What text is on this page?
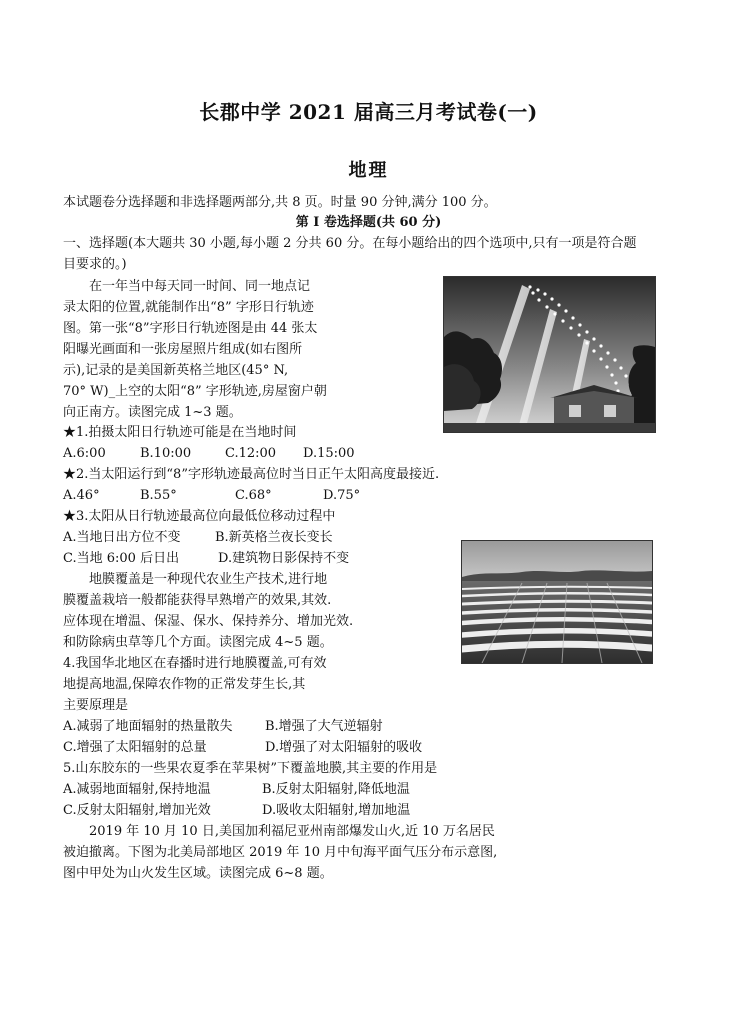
长郡中学 2021 届高三月考试卷(一)
地理
本试题卷分选择题和非选择题两部分,共 8 页。时量 90 分钟,满分 100 分。
第 I 卷选择题(共 60 分)
一、选择题(本大题共 30 小题,每小题 2 分共 60 分。在每小题给出的四个选项中,只有一项是符合题
目要求的。)
在一年当中每天同一时间、同一地点记
录太阳的位置,就能制作出“8” 字形日行轨迹
图。第一张“8”字形日行轨迹图是由 44 张太
阳曝光画面和一张房屋照片组成(如右图所
示),记录的是美国新英格兰地区(45° N,
70° W)_上空的太阳“8” 字形轨迹,房屋窗户朝
向正南方。读图完成 1~3 题。
★1.拍摄太阳日行轨迹可能是在当地时间
A.6:00	B.10:00	C.12:00 D.15:00
★2.当太阳运行到“8”字形轨迹最高位时当日正午太阳高度最接近.
A.46°	B.55°	C.68°	D.75°
★3.太阳从日行轨迹最高位向最低位移动过程中
A.当地日出方位不变	B.新英格兰夜长变长
C.当地 6:00 后日出	D.建筑物日影保持不变
地膜覆盖是一种现代农业生产技术,进行地
膜覆盖栽培一般都能获得早熟增产的效果,其效.
应体现在增温、保湿、保水、保持养分、增加光效.
和防除病虫草等几个方面。读图完成 4~5 题。
4.我国华北地区在春播时进行地膜覆盖,可有效
地提高地温,保障农作物的正常发芽生长,其
主要原理是
A.减弱了地面辐射的热量散失 B.增强了大气逆辐射
C.增强了太阳辐射的总量	D.增强了对太阳辐射的吸收
5.山东胶东的一些果农夏季在苹果树”下覆盖地膜,其主要的作用是
A.减弱地面辐射,保持地温	B.反射太阳辐射,降低地温
C.反射太阳辐射,增加光效	D.吸收太阳辐射,增加地温
2019 年 10 月 10 日,美国加利福尼亚州南部爆发山火,近 10 万名居民
被迫撤离。下图为北美局部地区 2019 年 10 月中旬海平面气压分布示意图,
图中甲处为山火发生区域。读图完成 6~8 题。
